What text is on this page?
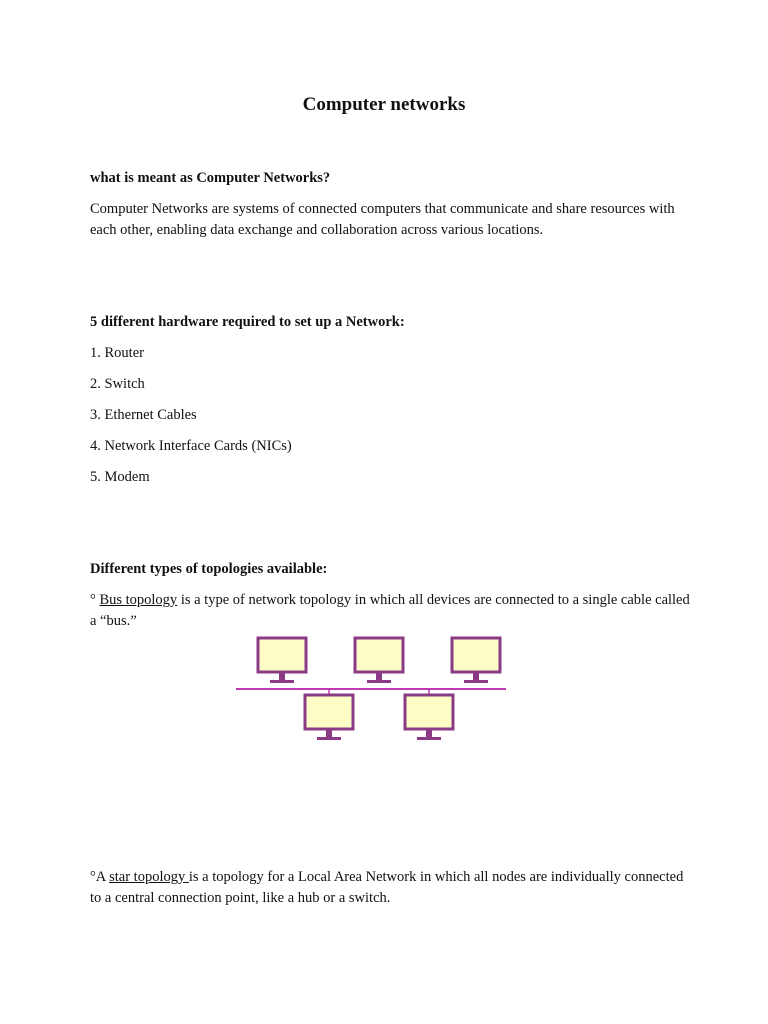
Computer networks
what is meant as Computer Networks?
Computer Networks are systems of connected computers that communicate and share resources with each other, enabling data exchange and collaboration across various locations.
5 different hardware required to set up a Network:
1. Router
2. Switch
3. Ethernet Cables
4. Network Interface Cards (NICs)
5. Modem
Different types of topologies available:
° Bus topology is a type of network topology in which all devices are connected to a single cable called a “bus.”
°A star topology is a topology for a Local Area Network in which all nodes are individually connected to a central connection point, like a hub or a switch.
